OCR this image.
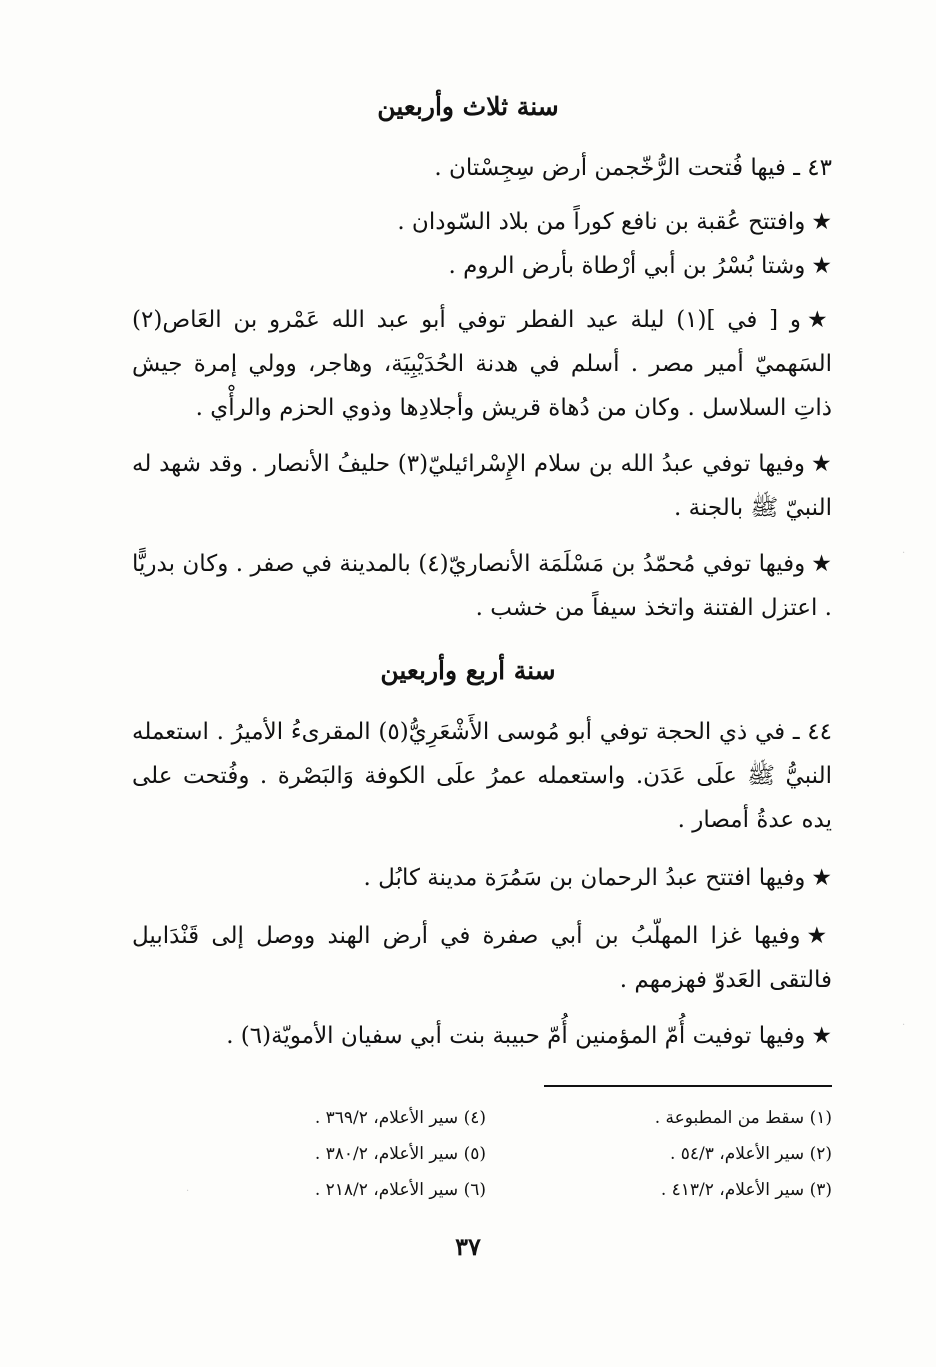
سنة ثلاث وأربعين

٤٣ ـ فيها فُتحت الرُّخّجمن أرض سِجِسْتان .

★وافتتح عُقبة بن نافع كوراً من بلاد السّودان .

★وشتا بُسْرُ بن أبي أرْطاة بأرض الروم .

★و [ في ](١) ليلة عيد الفطر توفي أبو عبد الله عَمْرو بن العَاص(٢) السَهميّ أمير مصر . أسلم في هدنة الحُدَيْبِيَة، وهاجر، وولي إمرة جيش ذاتِ السلاسل . وكان من دُهاة قريش وأجلادِها وذوي الحزم والرأْي .

★وفيها توفي عبدُ الله بن سلام الإِسْرائيليّ(٣) حليفُ الأنصار . وقد شهد له النبيّ ﷺ بالجنة .

★وفيها توفي مُحمّدُ بن مَسْلَمَة الأنصاريّ(٤) بالمدينة في صفر . وكان بدريًّا . اعتزل الفتنة واتخذ سيفاً من خشب .

سنة أربع وأربعين

٤٤ ـ في ذي الحجة توفي أبو مُوسى الأَشْعَرِيُّ(٥) المقرىءُ الأميرُ . استعمله النبيُّ ﷺ علَى عَدَن. واستعمله عمرُ علَى الكوفة وَالبَصْرة . وفُتحت على يده عدةُ أمصار .

★وفيها افتتح عبدُ الرحمان بن سَمُرَة مدينة كابُل .

★وفيها غزا المهلّبُ بن أبي صفرة في أرض الهند ووصل إلى قَنْدَابيل فالتقى العَدوّ فهزمهم .

★وفيها توفيت أُمّ المؤمنين أُمّ حبيبة بنت أبي سفيان الأمويّة(٦) .

(١) سقط من المطبوعة .
(٢) سير الأعلام، ٥٤/٣ .
(٣) سير الأعلام، ٤١٣/٢ .
(٤) سير الأعلام، ٣٦٩/٢ .
(٥) سير الأعلام، ٣٨٠/٢ .
(٦) سير الأعلام، ٢١٨/٢ .
٣٧
·
·
·
